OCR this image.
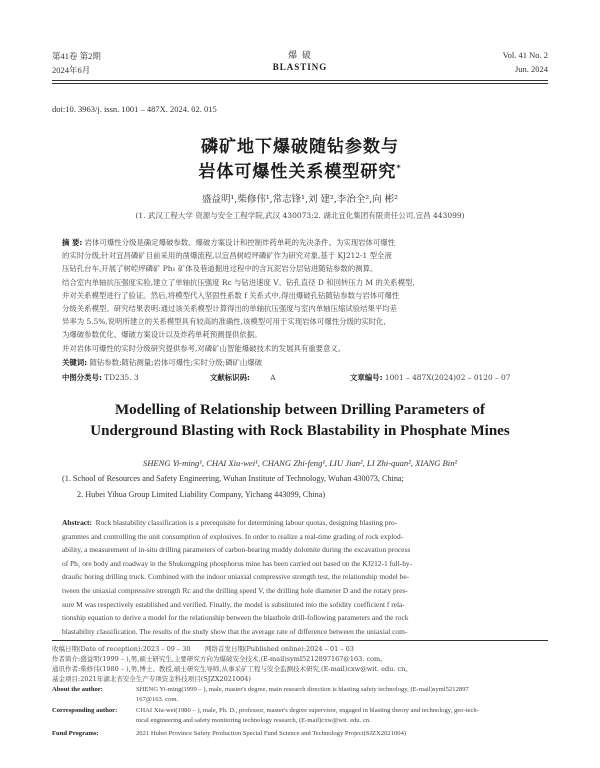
第41卷 第2期
2024年6月
爆 破
BLASTING
Vol. 41 No. 2
Jun. 2024
doi:10. 3963/j. issn. 1001 – 487X. 2024. 02. 015
磷矿地下爆破随钻参数与
岩体可爆性关系模型研究*
盛益明¹,柴修伟¹,常志锋¹,刘 建²,李治全²,向 彬²
(1. 武汉工程大学 资源与安全工程学院,武汉 430073;2. 湖北宜化集团有限责任公司,宜昌 443099)
摘 要: 岩体可爆性分级是确定爆破参数、爆破方案设计和控制炸药单耗的先决条件。为实现岩体可爆性
的实时分级,针对宜昌磷矿目前采用的凿爆流程,以宜昌树崆坪磷矿作为研究对象,基于 KJ212-1 型全液
压钻孔台车,开展了树崆坪磷矿 Ph₁ 矿体及巷道掘进过程中的含瓦泥岩分层钻进随钻参数的测算。
结合室内单轴抗压强度实验,建立了单轴抗压强度 Rc 与钻进速度 V、钻孔直径 D 和回转压力 M 的关系模型,
并对关系模型进行了验证。然后,将模型代入坚固性系数 f 关系式中,得出爆破孔钻随钻参数与岩体可爆性
分级关系模型。研究结果表明:通过该关系模型计算得出的单轴抗压强度与室内单轴压缩试验结果平均差
异率为 5.5%,说明所建立的关系模型具有较高的准确性,该模型可用于实现岩体可爆性分级的实时化,
为爆破参数优化、爆破方案设计以及炸药单耗预测提供依据。
并对岩体可爆性的实时分级研究提供参考,对磷矿山智能爆破技术的发展具有重要意义。
关键词: 随钻参数;随钻测量;岩体可爆性;实时分级;磷矿山爆破
中图分类号: TD235. 3	文献标识码:	A	文章编号: 1001 – 487X(2024)02 – 0120 – 07
Modelling of Relationship between Drilling Parameters of
Underground Blasting with Rock Blastability in Phosphate Mines
SHENG Yi-ming¹, CHAI Xiu-wei¹, CHANG Zhi-feng¹, LIU Jian², LI Zhi-quan², XIANG Bin²
(1. School of Resources and Safety Engineering, Wuhan Institute of Technology, Wuhan 430073, China;
2. Hubei Yihua Group Limited Liability Company, Yichang 443099, China)
Abstract: Rock blastability classification is a prerequisite for determining labour quotas, designing blasting pro-
grammes and controlling the unit consumption of explosives. In order to realize a real-time grading of rock explod-
ability, a measurement of in-situ drilling parameters of carbon-bearing muddy dolomite during the excavation process
of Ph₁ ore body and roadway in the Shukongping phosphorus mine has been carried out based on the KJ212-1 full-hy-
draulic boring drilling truck. Combined with the indoor uniaxial compressive strength test, the relationship model be-
tween the uniaxial compressive strength Rc and the drilling speed V, the drilling hole diameter D and the rotary pres-
sure M was respectively established and verified. Finally, the model is substituted into the solidity coefficient f rela-
tionship equation to derive a model for the relationship between the blasthole drill-following parameters and the rock
blastability classification. The results of the study show that the average rate of difference between the uniaxial com-
收稿日期(Date of reception):2023 – 09 – 30 网络首发日期(Published online):2024 – 01 – 03
作者简介:盛益明(1999 – ),男,硕士研究生,主要研究方向为爆破安全技术,(E-mail)syml5212897167@163. com。
通讯作者:柴修伟(1980 – ),男,博士、教授,硕士研究生导师,从事采矿工程与安全监测技术研究,(E-mail)cxw@wit. edu. cn。
基金项目:2021年湖北省安全生产专项资金科技项目(SJZX2021004)
About the author:	SHENG Yi-ming(1999 – ), male, master's degree, main research direction is blasting safety technology, (E-mail)syml5212897
167@163. com.
Corresponding author:	CHAI Xiu-wei(1980 – ), male, Ph. D., professor, master's degree supervisor, engaged in blasting theory and technology, geo-tech-
nical engineering and safety monitoring technology research, (E-mail)cxw@wit. edu. cn.
Fund Programs:	2021 Hubei Province Safety Production Special Fund Science and Technology Project(SJZX2021004)
